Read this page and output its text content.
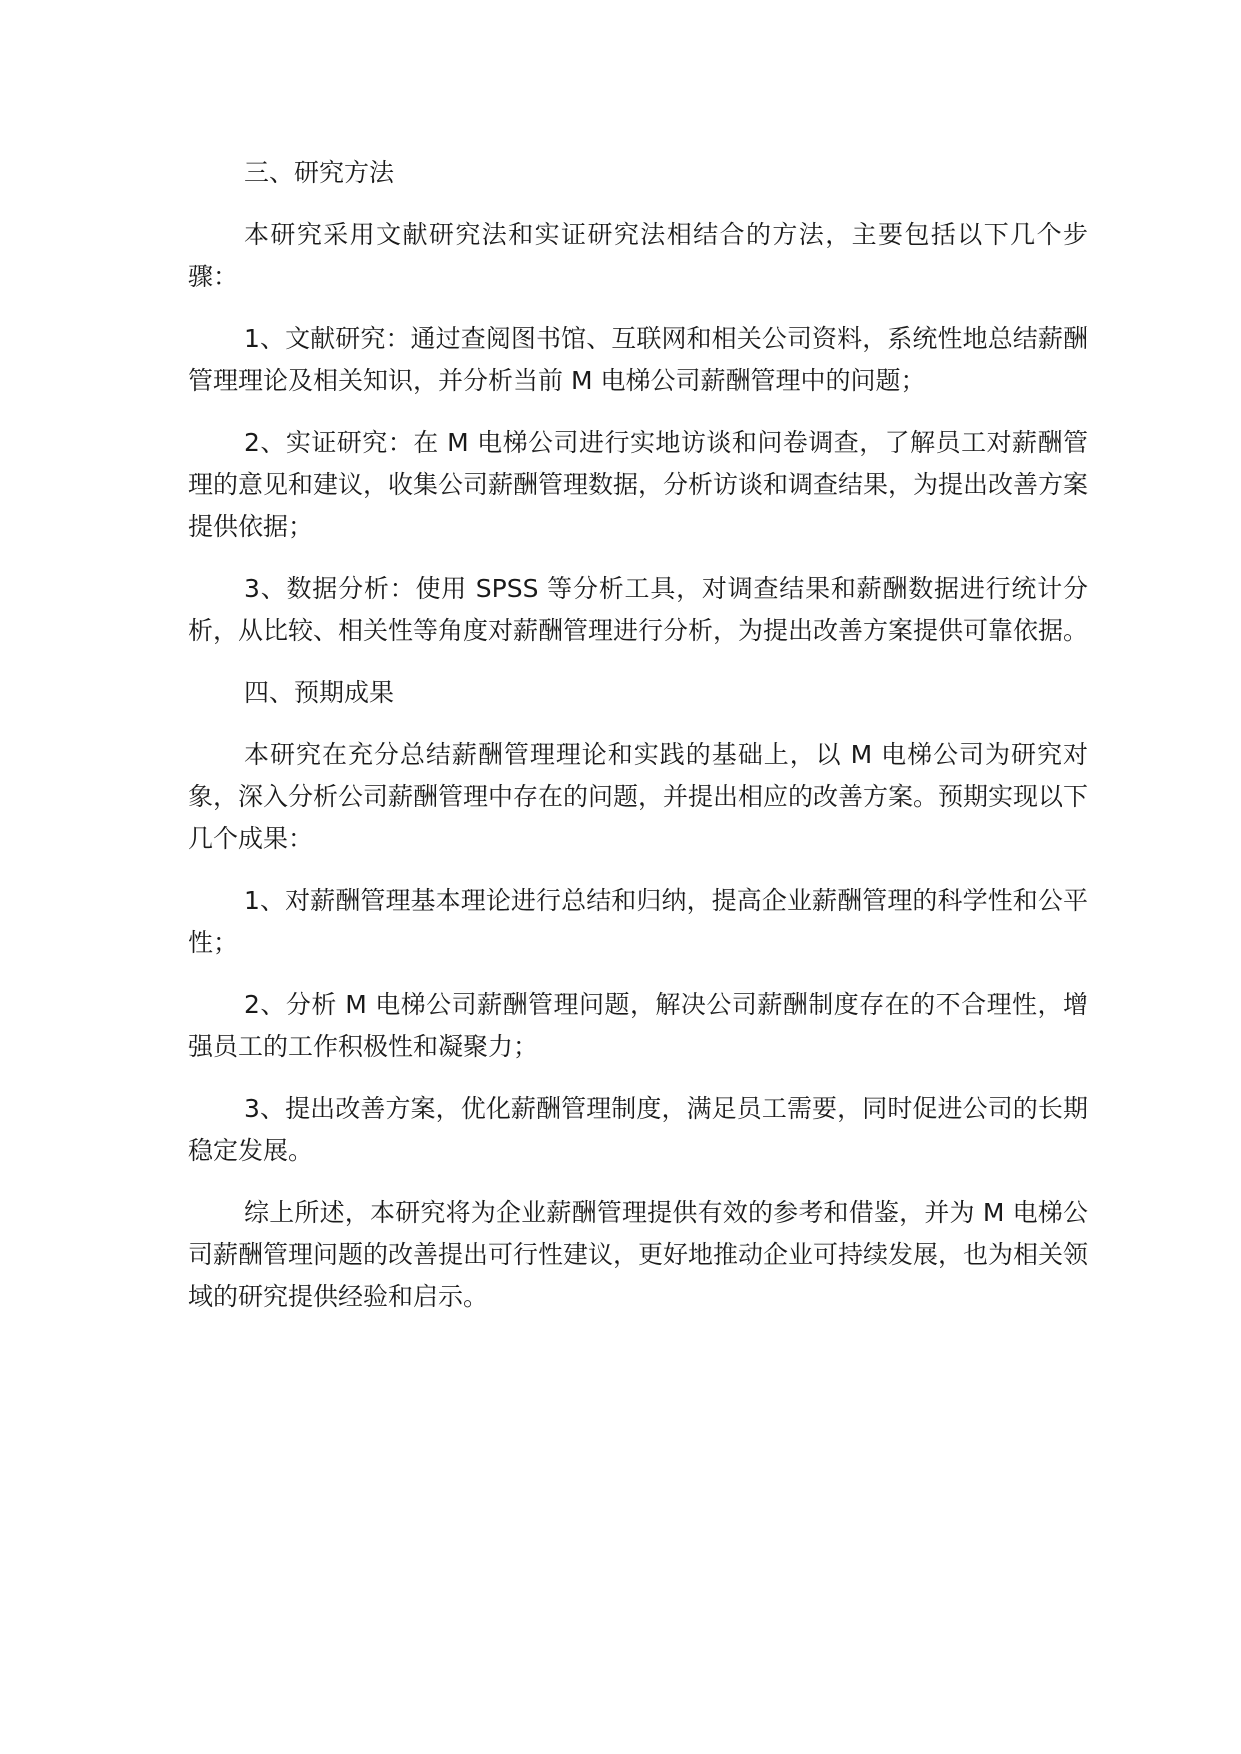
三、研究方法

本研究采用文献研究法和实证研究法相结合的方法，主要包括以下几个步骤：

1、文献研究：通过查阅图书馆、互联网和相关公司资料，系统性地总结薪酬管理理论及相关知识，并分析当前 M 电梯公司薪酬管理中的问题；

2、实证研究：在 M 电梯公司进行实地访谈和问卷调查，了解员工对薪酬管理的意见和建议，收集公司薪酬管理数据，分析访谈和调查结果，为提出改善方案提供依据；

3、数据分析：使用 SPSS 等分析工具，对调查结果和薪酬数据进行统计分析，从比较、相关性等角度对薪酬管理进行分析，为提出改善方案提供可靠依据。

四、预期成果

本研究在充分总结薪酬管理理论和实践的基础上，以 M 电梯公司为研究对象，深入分析公司薪酬管理中存在的问题，并提出相应的改善方案。预期实现以下几个成果：

1、对薪酬管理基本理论进行总结和归纳，提高企业薪酬管理的科学性和公平性；

2、分析 M 电梯公司薪酬管理问题，解决公司薪酬制度存在的不合理性，增强员工的工作积极性和凝聚力；

3、提出改善方案，优化薪酬管理制度，满足员工需要，同时促进公司的长期稳定发展。

综上所述，本研究将为企业薪酬管理提供有效的参考和借鉴，并为 M 电梯公司薪酬管理问题的改善提出可行性建议，更好地推动企业可持续发展，也为相关领域的研究提供经验和启示。
